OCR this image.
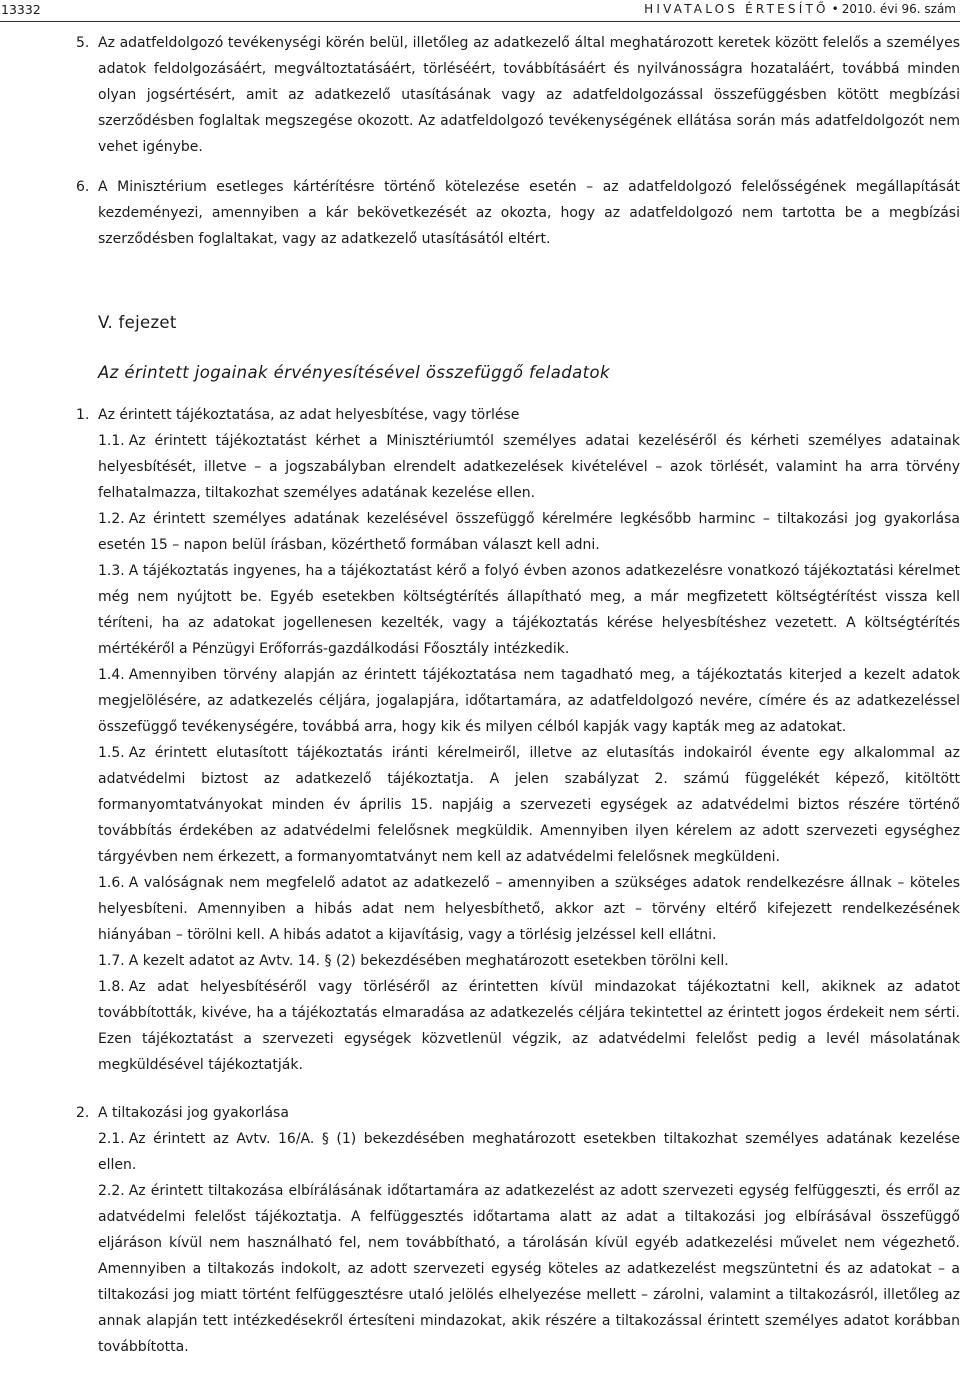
13332	HIVATALOS ÉRTESÍTŐ • 2010. évi 96. szám

5. Az adatfeldolgozó tevékenységi körén belül, illetőleg az adatkezelő által meghatározott keretek között felelős a személyes adatok feldolgozásáért, megváltoztatásáért, törléséért, továbbításáért és nyilvánosságra hozataláért, továbbá minden olyan jogsértésért, amit az adatkezelő utasításának vagy az adatfeldolgozással összefüggésben kötött megbízási szerződésben foglaltak megszegése okozott. Az adatfeldolgozó tevékenységének ellátása során más adatfeldolgozót nem vehet igénybe.

6. A Minisztérium esetleges kártérítésre történő kötelezése esetén – az adatfeldolgozó felelősségének megállapítását kezdeményezi, amennyiben a kár bekövetkezését az okozta, hogy az adatfeldolgozó nem tartotta be a megbízási szerződésben foglaltakat, vagy az adatkezelő utasításától eltért.

V. fejezet

Az érintett jogainak érvényesítésével összefüggő feladatok

1. Az érintett tájékoztatása, az adat helyesbítése, vagy törlése

1.1. Az érintett tájékoztatást kérhet a Minisztériumtól személyes adatai kezeléséről és kérheti személyes adatainak helyesbítését, illetve – a jogszabályban elrendelt adatkezelések kivételével – azok törlését, valamint ha arra törvény felhatalmazza, tiltakozhat személyes adatának kezelése ellen.

1.2. Az érintett személyes adatának kezelésével összefüggő kérelmére legkésőbb harminc – tiltakozási jog gyakorlása esetén 15 – napon belül írásban, közérthető formában választ kell adni.

1.3. A tájékoztatás ingyenes, ha a tájékoztatást kérő a folyó évben azonos adatkezelésre vonatkozó tájékoztatási kérelmet még nem nyújtott be. Egyéb esetekben költségtérítés állapítható meg, a már megfizetett költségtérítést vissza kell téríteni, ha az adatokat jogellenesen kezelték, vagy a tájékoztatás kérése helyesbítéshez vezetett. A költségtérítés mértékéről a Pénzügyi Erőforrás-gazdálkodási Főosztály intézkedik.

1.4. Amennyiben törvény alapján az érintett tájékoztatása nem tagadható meg, a tájékoztatás kiterjed a kezelt adatok megjelölésére, az adatkezelés céljára, jogalapjára, időtartamára, az adatfeldolgozó nevére, címére és az adatkezeléssel összefüggő tevékenységére, továbbá arra, hogy kik és milyen célból kapják vagy kapták meg az adatokat.

1.5. Az érintett elutasított tájékoztatás iránti kérelmeiről, illetve az elutasítás indokairól évente egy alkalommal az adatvédelmi biztost az adatkezelő tájékoztatja. A jelen szabályzat 2. számú függelékét képező, kitöltött formanyomtatványokat minden év április 15. napjáig a szervezeti egységek az adatvédelmi biztos részére történő továbbítás érdekében az adatvédelmi felelősnek megküldik. Amennyiben ilyen kérelem az adott szervezeti egységhez tárgyévben nem érkezett, a formanyomtatványt nem kell az adatvédelmi felelősnek megküldeni.

1.6. A valóságnak nem megfelelő adatot az adatkezelő – amennyiben a szükséges adatok rendelkezésre állnak – köteles helyesbíteni. Amennyiben a hibás adat nem helyesbíthető, akkor azt – törvény eltérő kifejezett rendelkezésének hiányában – törölni kell. A hibás adatot a kijavításig, vagy a törlésig jelzéssel kell ellátni.

1.7. A kezelt adatot az Avtv. 14. § (2) bekezdésében meghatározott esetekben törölni kell.

1.8. Az adat helyesbítéséről vagy törléséről az érintetten kívül mindazokat tájékoztatni kell, akiknek az adatot továbbították, kivéve, ha a tájékoztatás elmaradása az adatkezelés céljára tekintettel az érintett jogos érdekeit nem sérti. Ezen tájékoztatást a szervezeti egységek közvetlenül végzik, az adatvédelmi felelőst pedig a levél másolatának megküldésével tájékoztatják.

2. A tiltakozási jog gyakorlása

2.1. Az érintett az Avtv. 16/A. § (1) bekezdésében meghatározott esetekben tiltakozhat személyes adatának kezelése ellen.

2.2. Az érintett tiltakozása elbírálásának időtartamára az adatkezelést az adott szervezeti egység felfüggeszti, és erről az adatvédelmi felelőst tájékoztatja. A felfüggesztés időtartama alatt az adat a tiltakozási jog elbírásával összefüggő eljáráson kívül nem használható fel, nem továbbítható, a tárolásán kívül egyéb adatkezelési művelet nem végezhető. Amennyiben a tiltakozás indokolt, az adott szervezeti egység köteles az adatkezelést megszüntetni és az adatokat – a tiltakozási jog miatt történt felfüggesztésre utaló jelölés elhelyezése mellett – zárolni, valamint a tiltakozásról, illetőleg az annak alapján tett intézkedésekről értesíteni mindazokat, akik részére a tiltakozással érintett személyes adatot korábban továbbította.
